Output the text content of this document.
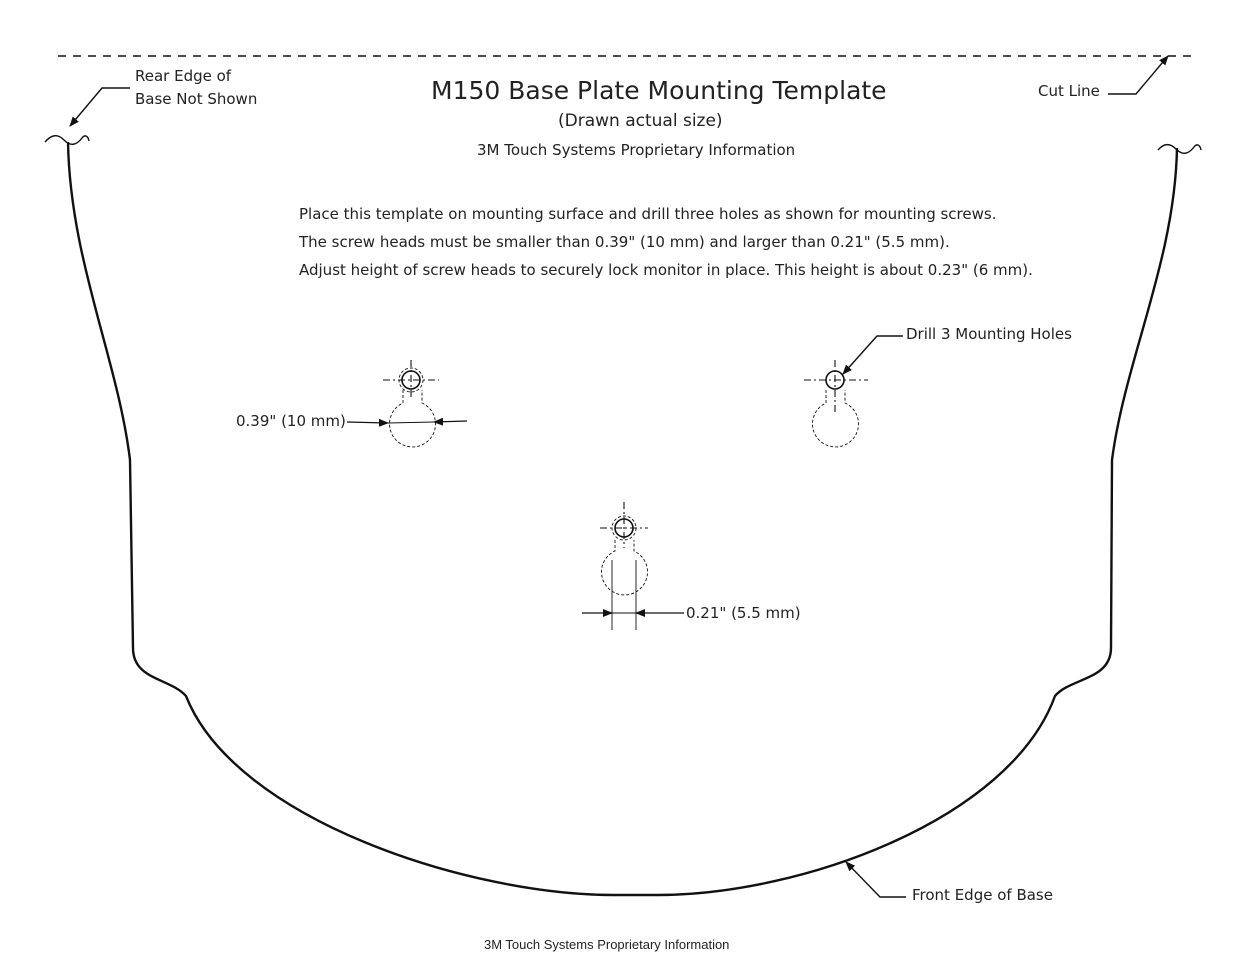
M150 Base Plate Mounting Template
(Drawn actual size)
3M Touch Systems Proprietary Information
Place this template on mounting surface and drill three holes as shown for mounting screws.
The screw heads must be smaller than 0.39" (10 mm) and larger than 0.21" (5.5 mm).
Adjust height of screw heads to securely lock monitor in place. This height is about 0.23" (6 mm).
Rear Edge of
Base Not Shown	Cut Line
Drill 3 Mounting Holes
0.39" (10 mm)
0.21" (5.5 mm)
Front Edge of Base
3M Touch Systems Proprietary Information
